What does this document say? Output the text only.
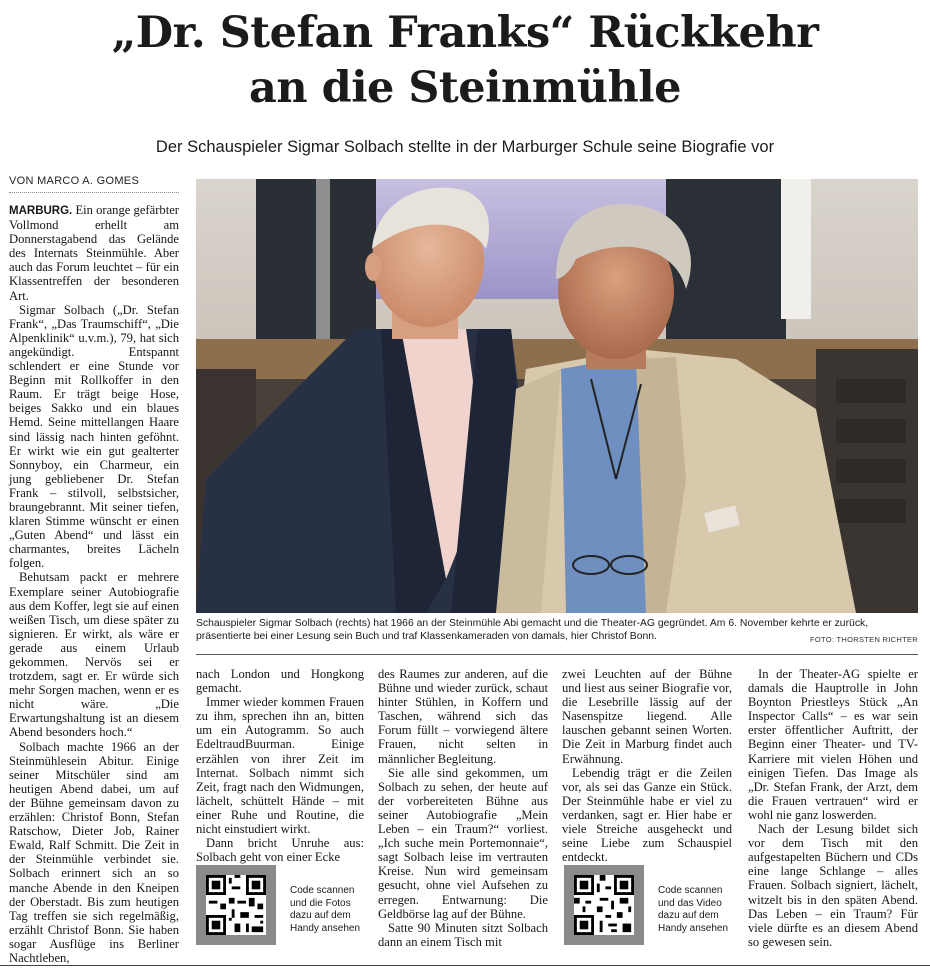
„Dr. Stefan Franks“ Rückkehr
an die Steinmühle
Der Schauspieler Sigmar Solbach stellte in der Marburger Schule seine Biografie vor
VON MARCO A. GOMES

MARBURG. Ein orange gefärbter Vollmond erhellt am Donnerstagabend das Gelände des Internats Steinmühle. Aber auch das Forum leuchtet – für ein Klassentreffen der besonderen Art.

Sigmar Solbach („Dr. Stefan Frank“, „Das Traumschiff“, „Die Alpenklinik“ u.v.m.), 79, hat sich angekündigt. Entspannt schlendert er eine Stunde vor Beginn mit Rollkoffer in den Raum. Er trägt beige Hose, beiges Sakko und ein blaues Hemd. Seine mittellangen Haare sind lässig nach hinten geföhnt. Er wirkt wie ein gut gealterter Sonnyboy, ein Charmeur, ein jung gebliebener Dr. Stefan Frank – stilvoll, selbstsicher, braungebrannt. Mit seiner tiefen, klaren Stimme wünscht er einen „Guten Abend“ und lässt ein charmantes, breites Lächeln folgen.

Behutsam packt er mehrere Exemplare seiner Autobiografie aus dem Koffer, legt sie auf einen weißen Tisch, um diese später zu signieren. Er wirkt, als wäre er gerade aus einem Urlaub gekommen. Nervös sei er trotzdem, sagt er. Er würde sich mehr Sorgen machen, wenn er es nicht wäre. „Die Erwartungshaltung ist an diesem Abend besonders hoch.“

Solbach machte 1966 an der Steinmühlesein Abitur. Einige seiner Mitschüler sind am heutigen Abend dabei, um auf der Bühne gemeinsam davon zu erzählen: Christof Bonn, Stefan Ratschow, Dieter Job, Rainer Ewald, Ralf Schmitt. Die Zeit in der Steinmühle verbindet sie. Solbach erinnert sich an so manche Abende in den Kneipen der Oberstadt. Bis zum heutigen Tag treffen sie sich regelmäßig, erzählt Christof Bonn. Sie haben sogar Ausflüge ins Berliner Nachtleben,

Schauspieler Sigmar Solbach (rechts) hat 1966 an der Steinmühle Abi gemacht und die Theater-AG gegründet. Am 6. November kehrte er zurück, präsentierte bei einer Lesung sein Buch und traf Klassenkameraden von damals, hier Christof Bonn.	FOTO: THORSTEN RICHTER

nach London und Hongkong gemacht.

Immer wieder kommen Frauen zu ihm, sprechen ihn an, bitten um ein Autogramm. So auch EdeltraudBuurman. Einige erzählen von ihrer Zeit im Internat. Solbach nimmt sich Zeit, fragt nach den Widmungen, lächelt, schüttelt Hände – mit einer Ruhe und Routine, die nicht einstudiert wirkt.

Dann bricht Unruhe aus: Solbach geht von einer Ecke

des Raumes zur anderen, auf die Bühne und wieder zurück, schaut hinter Stühlen, in Koffern und Taschen, während sich das Forum füllt – vorwiegend ältere Frauen, nicht selten in männlicher Begleitung.

Sie alle sind gekommen, um Solbach zu sehen, der heute auf der vorbereiteten Bühne aus seiner Autobiografie „Mein Leben – ein Traum?“ vorliest. „Ich suche mein Portemonnaie“, sagt Solbach leise im vertrauten Kreise. Nun wird gemeinsam gesucht, ohne viel Aufsehen zu erregen. Entwarnung: Die Geldbörse lag auf der Bühne.

Satte 90 Minuten sitzt Solbach dann an einem Tisch mit

zwei Leuchten auf der Bühne und liest aus seiner Biografie vor, die Lesebrille lässig auf der Nasenspitze liegend. Alle lauschen gebannt seinen Worten. Die Zeit in Marburg findet auch Erwähnung.

Lebendig trägt er die Zeilen vor, als sei das Ganze ein Stück. Der Steinmühle habe er viel zu verdanken, sagt er. Hier habe er viele Streiche ausgeheckt und seine Liebe zum Schauspiel entdeckt.

In der Theater-AG spielte er damals die Hauptrolle in John Boynton Priestleys Stück „An Inspector Calls“ – es war sein erster öffentlicher Auftritt, der Beginn einer Theater- und TV-Karriere mit vielen Höhen und einigen Tiefen. Das Image als „Dr. Stefan Frank, der Arzt, dem die Frauen vertrauen“ wird er wohl nie ganz loswerden.

Nach der Lesung bildet sich vor dem Tisch mit den aufgestapelten Büchern und CDs eine lange Schlange – alles Frauen. Solbach signiert, lächelt, witzelt bis in den späten Abend. Das Leben – ein Traum? Für viele dürfte es an diesem Abend so gewesen sein.

Code scannen
und die Fotos
dazu auf dem
Handy ansehen
Code scannen
und das Video
dazu auf dem
Handy ansehen
